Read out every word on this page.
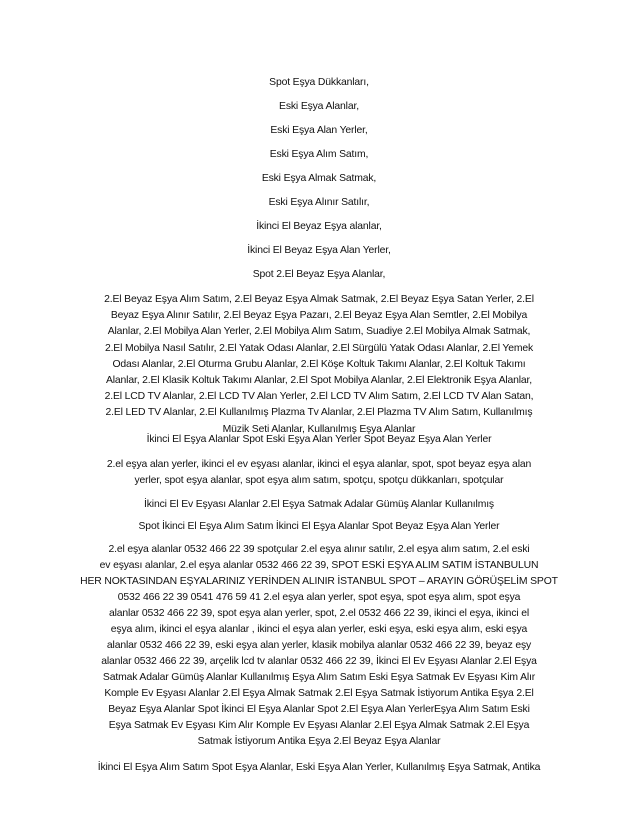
Spot Eşya Dükkanları,
Eski Eşya Alanlar,
Eski Eşya Alan Yerler,
Eski Eşya Alım Satım,
Eski Eşya Almak Satmak,
Eski Eşya Alınır Satılır,
İkinci El Beyaz Eşya alanlar,
İkinci El Beyaz Eşya Alan Yerler,
Spot 2.El Beyaz Eşya Alanlar,
2.El Beyaz Eşya Alım Satım, 2.El Beyaz Eşya Almak Satmak, 2.El Beyaz Eşya Satan Yerler, 2.El
Beyaz Eşya Alınır Satılır, 2.El Beyaz Eşya Pazarı, 2.El Beyaz Eşya Alan Semtler, 2.El Mobilya
Alanlar, 2.El Mobilya Alan Yerler, 2.El Mobilya Alım Satım, Suadiye 2.El Mobilya Almak Satmak,
2.El Mobilya Nasıl Satılır, 2.El Yatak Odası Alanlar, 2.El Sürgülü Yatak Odası Alanlar, 2.El Yemek
Odası Alanlar, 2.El Oturma Grubu Alanlar, 2.El Köşe Koltuk Takımı Alanlar, 2.El Koltuk Takımı
Alanlar, 2.El Klasik Koltuk Takımı Alanlar, 2.El Spot Mobilya Alanlar, 2.El Elektronik Eşya Alanlar,
2.El LCD TV Alanlar, 2.El LCD TV Alan Yerler, 2.El LCD TV Alım Satım, 2.El LCD TV Alan Satan,
2.El LED TV Alanlar, 2.El Kullanılmış Plazma Tv Alanlar, 2.El Plazma TV Alım Satım, Kullanılmış
Müzik Seti Alanlar, Kullanılmış Eşya Alanlar
İkinci El Eşya Alanlar Spot Eski Eşya Alan Yerler Spot Beyaz Eşya Alan Yerler
2.el eşya alan yerler, ikinci el ev eşyası alanlar, ikinci el eşya alanlar, spot, spot beyaz eşya alan
yerler, spot eşya alanlar, spot eşya alım satım, spotçu, spotçu dükkanları, spotçular
İkinci El Ev Eşyası Alanlar 2.El Eşya Satmak Adalar Gümüş Alanlar Kullanılmış
Spot İkinci El Eşya Alım Satım İkinci El Eşya Alanlar Spot Beyaz Eşya Alan Yerler
2.el eşya alanlar 0532 466 22 39 spotçular 2.el eşya alınır satılır, 2.el eşya alım satım, 2.el eski
ev eşyası alanlar, 2.el eşya alanlar 0532 466 22 39, SPOT ESKİ EŞYA ALIM SATIM İSTANBULUN
HER NOKTASINDAN EŞYALARINIZ YERİNDEN ALINIR İSTANBUL SPOT – ARAYIN GÖRÜŞELİM SPOT
0532 466 22 39 0541 476 59 41 2.el eşya alan yerler, spot eşya, spot eşya alım, spot eşya
alanlar 0532 466 22 39, spot eşya alan yerler, spot, 2.el 0532 466 22 39, ikinci el eşya, ikinci el
eşya alım, ikinci el eşya alanlar , ikinci el eşya alan yerler, eski eşya, eski eşya alım, eski eşya
alanlar 0532 466 22 39, eski eşya alan yerler, klasik mobilya alanlar 0532 466 22 39, beyaz eşy
alanlar 0532 466 22 39, arçelik lcd tv alanlar 0532 466 22 39, İkinci El Ev Eşyası Alanlar 2.El Eşya
Satmak Adalar Gümüş Alanlar Kullanılmış Eşya Alım Satım Eski Eşya Satmak Ev Eşyası Kim Alır
Komple Ev Eşyası Alanlar 2.El Eşya Almak Satmak 2.El Eşya Satmak İstiyorum Antika Eşya 2.El
Beyaz Eşya Alanlar Spot İkinci El Eşya Alanlar Spot 2.El Eşya Alan YerlerEşya Alım Satım Eski
Eşya Satmak Ev Eşyası Kim Alır Komple Ev Eşyası Alanlar 2.El Eşya Almak Satmak 2.El Eşya
Satmak İstiyorum Antika Eşya 2.El Beyaz Eşya Alanlar
İkinci El Eşya Alım Satım Spot Eşya Alanlar, Eski Eşya Alan Yerler, Kullanılmış Eşya Satmak, Antika
